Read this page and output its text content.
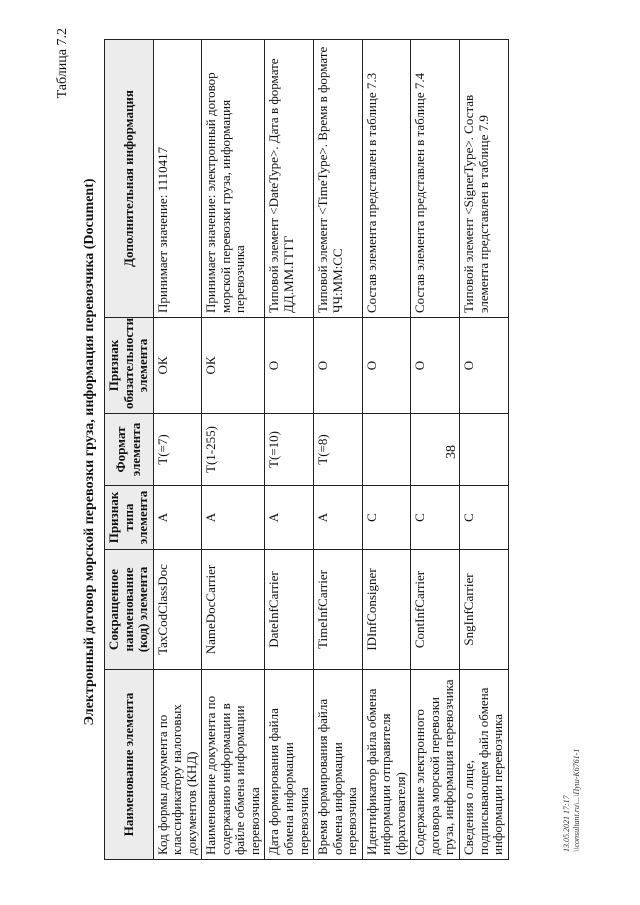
38
Таблица 7.2
Электронный договор морской перевозки груза, информация перевозчика (Document)
Наименование элемента	Сокращенное наименование (код) элемента	Признак типа элемента	Формат элемента	Признак обязательности элемента	Дополнительная информация
Код формы документа по классификатору налоговых документов (КНД)	TaxCodClassDoc	А	Т(=7)	ОК	Принимает значение: 1110417
Наименование документа по содержанию информации в файле обмена информации перевозчика	NameDocCarrier	А	Т(1-255)	ОК	Принимает значение: электронный договор морской перевозки груза, информация перевозчика
Дата формирования файла обмена информации перевозчика	DateInfCarrier	А	Т(=10)	О	Типовой элемент <DateType>. Дата в формате ДД.ММ.ГГГГ
Время формирования файла обмена информации перевозчика	TimeInfCarrier	А	Т(=8)	О	Типовой элемент <TimeType>. Время в формате ЧЧ:ММ:СС
Идентификатор файла обмена информации отправителя (фрахтователя)	IDInfConsigner	С		О	Состав элемента представлен в таблице 7.3
Содержание электронного договора морской перевозки груза, информация перевозчика	ContInfCarrier	С		О	Состав элемента представлен в таблице 7.4
Сведения о лице, подписывающем файл обмена информации перевозчика	SngInfCarrier	С		О	Типовой элемент <SignerType>. Состав элемента представлен в таблице 7.9
13.05.2021 17:17 \\consultant.ru\...\Пуш-К6761-1
